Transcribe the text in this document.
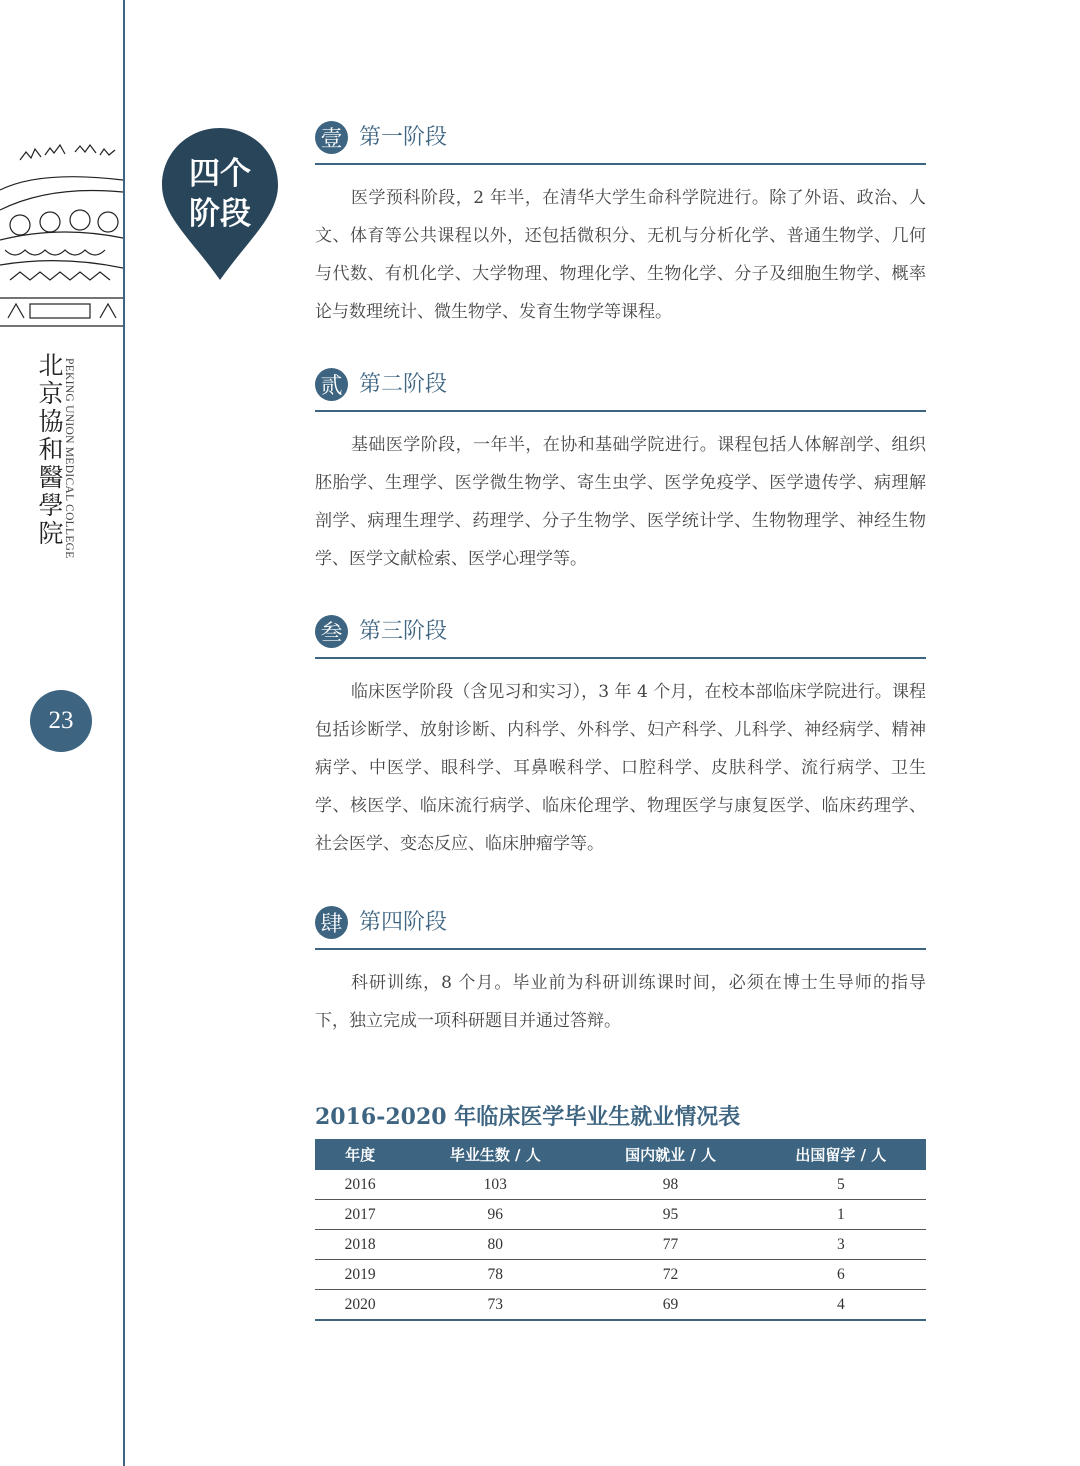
北京協和醫學院 PEKING UNION MEDICAL COLLEGE
23
四个
阶段
壹 第一阶段

医学预科阶段，2 年半，在清华大学生命科学院进行。除了外语、政治、人文、体育等公共课程以外，还包括微积分、无机与分析化学、普通生物学、几何与代数、有机化学、大学物理、物理化学、生物化学、分子及细胞生物学、概率论与数理统计、微生物学、发育生物学等课程。

贰 第二阶段

基础医学阶段，一年半，在协和基础学院进行。课程包括人体解剖学、组织胚胎学、生理学、医学微生物学、寄生虫学、医学免疫学、医学遗传学、病理解剖学、病理生理学、药理学、分子生物学、医学统计学、生物物理学、神经生物学、医学文献检索、医学心理学等。

叁 第三阶段

临床医学阶段（含见习和实习），3 年 4 个月，在校本部临床学院进行。课程包括诊断学、放射诊断、内科学、外科学、妇产科学、儿科学、神经病学、精神病学、中医学、眼科学、耳鼻喉科学、口腔科学、皮肤科学、流行病学、卫生学、核医学、临床流行病学、临床伦理学、物理医学与康复医学、临床药理学、社会医学、变态反应、临床肿瘤学等。

肆 第四阶段

科研训练，8 个月。毕业前为科研训练课时间，必须在博士生导师的指导下，独立完成一项科研题目并通过答辩。

2016-2020 年临床医学毕业生就业情况表
年度	毕业生数 / 人	国内就业 / 人	出国留学 / 人
2016	103	98	5
2017	96	95	1
2018	80	77	3
2019	78	72	6
2020	73	69	4
